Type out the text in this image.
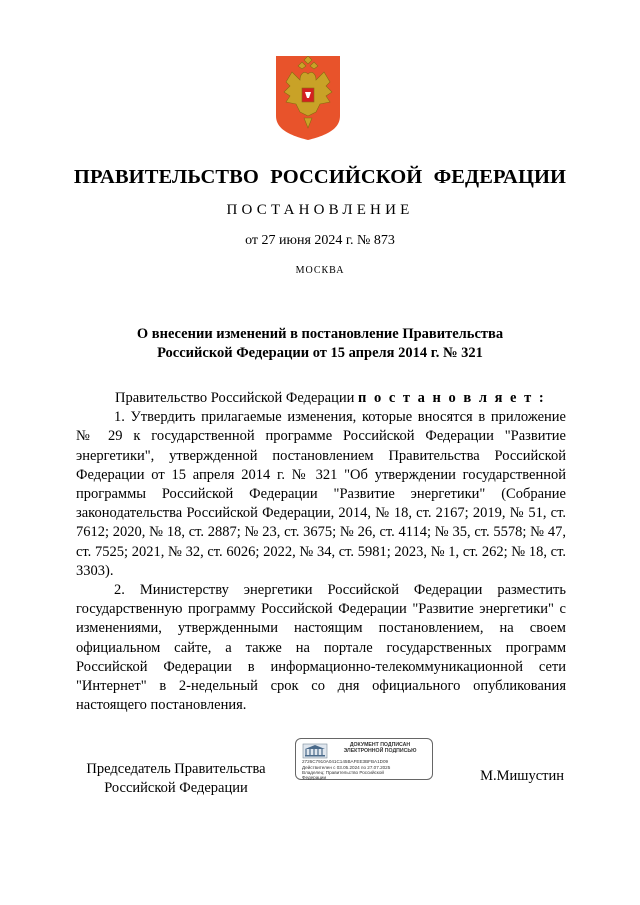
ПРАВИТЕЛЬСТВО РОССИЙСКОЙ ФЕДЕРАЦИИ
ПОСТАНОВЛЕНИЕ
от 27 июня 2024 г. № 873
МОСКВА
О внесении изменений в постановление Правительства
Российской Федерации от 15 апреля 2014 г. № 321

Правительство Российской Федерации п о с т а н о в л я е т :

1. Утвердить прилагаемые изменения, которые вносятся в приложение № 29 к государственной программе Российской Федерации "Развитие энергетики", утвержденной постановлением Правительства Российской Федерации от 15 апреля 2014 г. № 321 "Об утверждении государственной программы Российской Федерации "Развитие энергетики" (Собрание законодательства Российской Федерации, 2014, № 18, ст. 2167; 2019, № 51, ст. 7612; 2020, № 18, ст. 2887; № 23, ст. 3675; № 26, ст. 4114; № 35, ст. 5578; № 47, ст. 7525; 2021, № 32, ст. 6026; 2022, № 34, ст. 5981; 2023, № 1, ст. 262; № 18, ст. 3303).

2. Министерству энергетики Российской Федерации разместить государственную программу Российской Федерации "Развитие энергетики" с изменениями, утвержденными настоящим постановлением, на своем официальном сайте, а также на портале государственных программ Российской Федерации в информационно-телекоммуникационной сети "Интернет" в 2-недельный срок со дня официального опубликования настоящего постановления.

Председатель Правительства
Российской Федерации
ДОКУМЕНТ ПОДПИСАН
ЭЛЕКТРОННОЙ ПОДПИСЬЮ
2726C7910A041C145BAFEE3BFBA1D09
Действителен с 03.05.2024 по 27.07.2025
Владелец: Правительство Российской
Федерации	М.Мишустин
